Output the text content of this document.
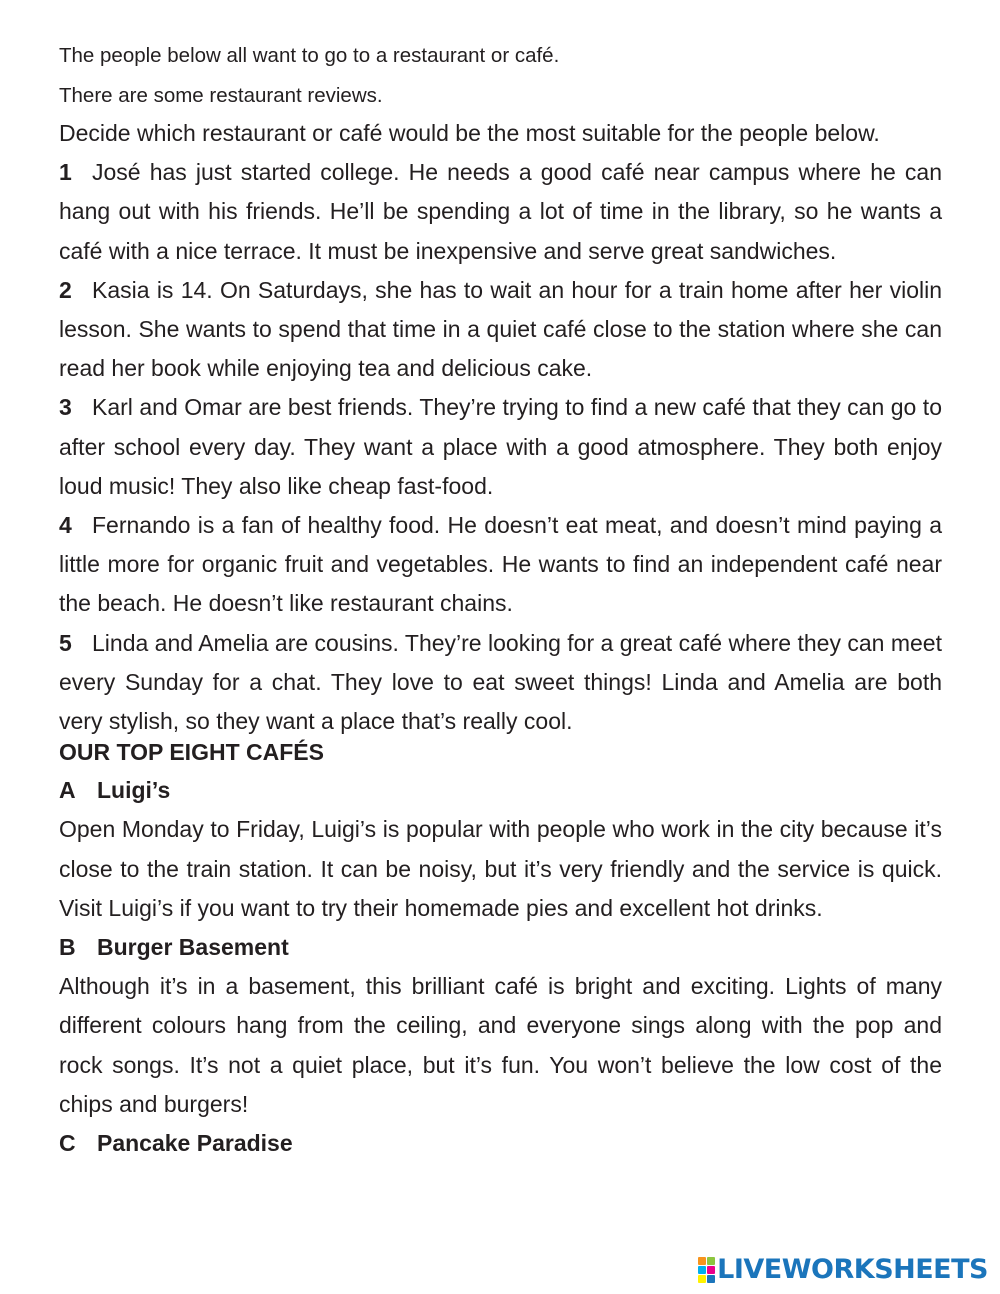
The people below all want to go to a restaurant or café.
There are some restaurant reviews.

Decide which restaurant or café would be the most suitable for the people below.

1 José has just started college. He needs a good café near campus where he can hang out with his friends. He’ll be spending a lot of time in the library, so he wants a café with a nice terrace. It must be inexpensive and serve great sandwiches.

2 Kasia is 14. On Saturdays, she has to wait an hour for a train home after her violin lesson. She wants to spend that time in a quiet café close to the station where she can read her book while enjoying tea and delicious cake.

3 Karl and Omar are best friends. They’re trying to find a new café that they can go to after school every day. They want a place with a good atmosphere. They both enjoy loud music! They also like cheap fast-food.

4 Fernando is a fan of healthy food. He doesn’t eat meat, and doesn’t mind paying a little more for organic fruit and vegetables. He wants to find an independent café near the beach. He doesn’t like restaurant chains.

5 Linda and Amelia are cousins. They’re looking for a great café where they can meet every Sunday for a chat. They love to eat sweet things! Linda and Amelia are both very stylish, so they want a place that’s really cool.

OUR TOP EIGHT CAFÉS

A Luigi’s

Open Monday to Friday, Luigi’s is popular with people who work in the city because it’s close to the train station. It can be noisy, but it’s very friendly and the service is quick. Visit Luigi’s if you want to try their homemade pies and excellent hot drinks.

B Burger Basement

Although it’s in a basement, this brilliant café is bright and exciting. Lights of many different colours hang from the ceiling, and everyone sings along with the pop and rock songs. It’s not a quiet place, but it’s fun. You won’t believe the low cost of the chips and burgers!

C Pancake Paradise

LIVEWORKSHEETS
